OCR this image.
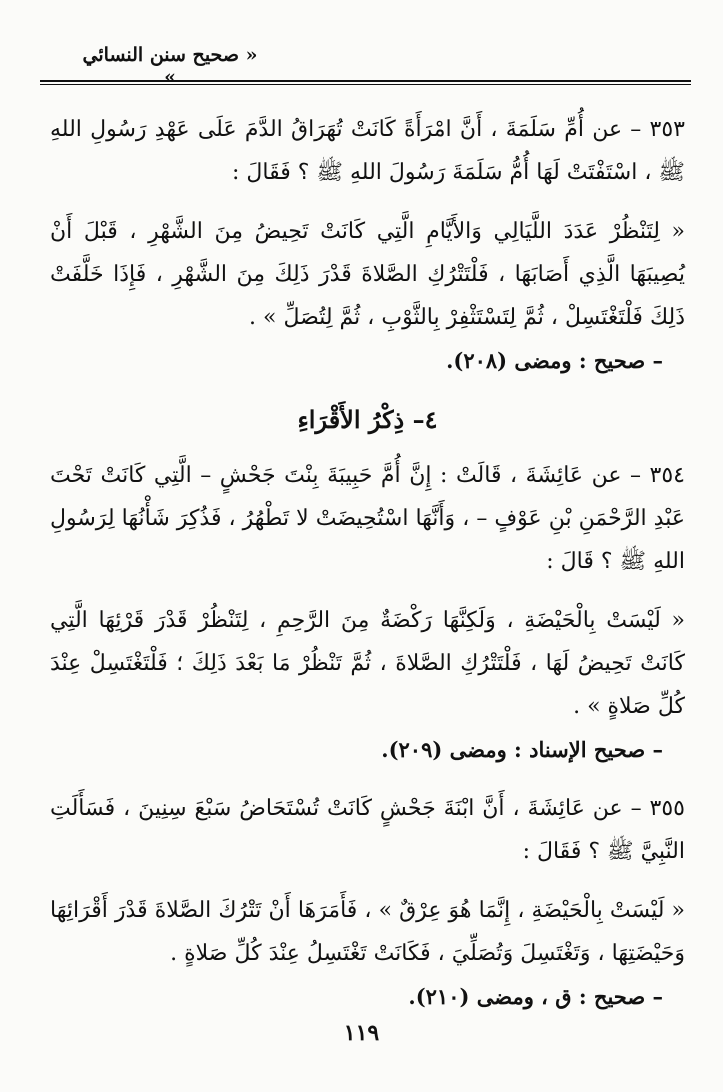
« صحيح سنن النسائي »

٣٥٣ – عن أُمِّ سَلَمَةَ ، أَنَّ امْرَأَةً كَانَتْ تُهَرَاقُ الدَّمَ عَلَى عَهْدِ رَسُولِ اللهِ ﷺ ، اسْتَفْتَتْ لَهَا أُمُّ سَلَمَةَ رَسُولَ اللهِ ﷺ ؟ فَقَالَ :

« لِتَنْظُرْ عَدَدَ اللَّيَالِي وَالأَيَّامِ الَّتِي كَانَتْ تَحِيضُ مِنَ الشَّهْرِ ، قَبْلَ أَنْ يُصِيبَهَا الَّذِي أَصَابَهَا ، فَلْتَتْرُكِ الصَّلاةَ قَدْرَ ذَلِكَ مِنَ الشَّهْرِ ، فَإِذَا خَلَّفَتْ ذَلِكَ فَلْتَغْتَسِلْ ، ثُمَّ لِتَسْتَثْفِرْ بِالثَّوْبِ ، ثُمَّ لِتُصَلِّ » .

– صحيح : ومضى (٢٠٨).

٤– ذِكْرُ الأَقْرَاءِ

٣٥٤ – عن عَائِشَةَ ، قَالَتْ : إِنَّ أُمَّ حَبِيبَةَ بِنْتَ جَحْشٍ – الَّتِي كَانَتْ تَحْتَ عَبْدِ الرَّحْمَنِ بْنِ عَوْفٍ – ، وَأَنَّهَا اسْتُحِيضَتْ لا تَطْهُرُ ، فَذُكِرَ شَأْنُهَا لِرَسُولِ اللهِ ﷺ ؟ قَالَ :

« لَيْسَتْ بِالْحَيْضَةِ ، وَلَكِنَّهَا رَكْضَةٌ مِنَ الرَّحِمِ ، لِتَنْظُرْ قَدْرَ قَرْئِهَا الَّتِي كَانَتْ تَحِيضُ لَهَا ، فَلْتَتْرُكِ الصَّلاةَ ، ثُمَّ تَنْظُرْ مَا بَعْدَ ذَلِكَ ؛ فَلْتَغْتَسِلْ عِنْدَ كُلِّ صَلاةٍ » .

– صحيح الإسناد : ومضى (٢٠٩).

٣٥٥ – عن عَائِشَةَ ، أَنَّ ابْنَةَ جَحْشٍ كَانَتْ تُسْتَحَاضُ سَبْعَ سِنِينَ ، فَسَأَلَتِ النَّبِيَّ ﷺ ؟ فَقَالَ :

« لَيْسَتْ بِالْحَيْضَةِ ، إِنَّمَا هُوَ عِرْقٌ » ، فَأَمَرَهَا أَنْ تَتْرُكَ الصَّلاةَ قَدْرَ أَقْرَائِهَا وَحَيْضَتِهَا ، وَتَغْتَسِلَ وَتُصَلِّيَ ، فَكَانَتْ تَغْتَسِلُ عِنْدَ كُلِّ صَلاةٍ .

– صحيح : ق ، ومضى (٢١٠).

١١٩
